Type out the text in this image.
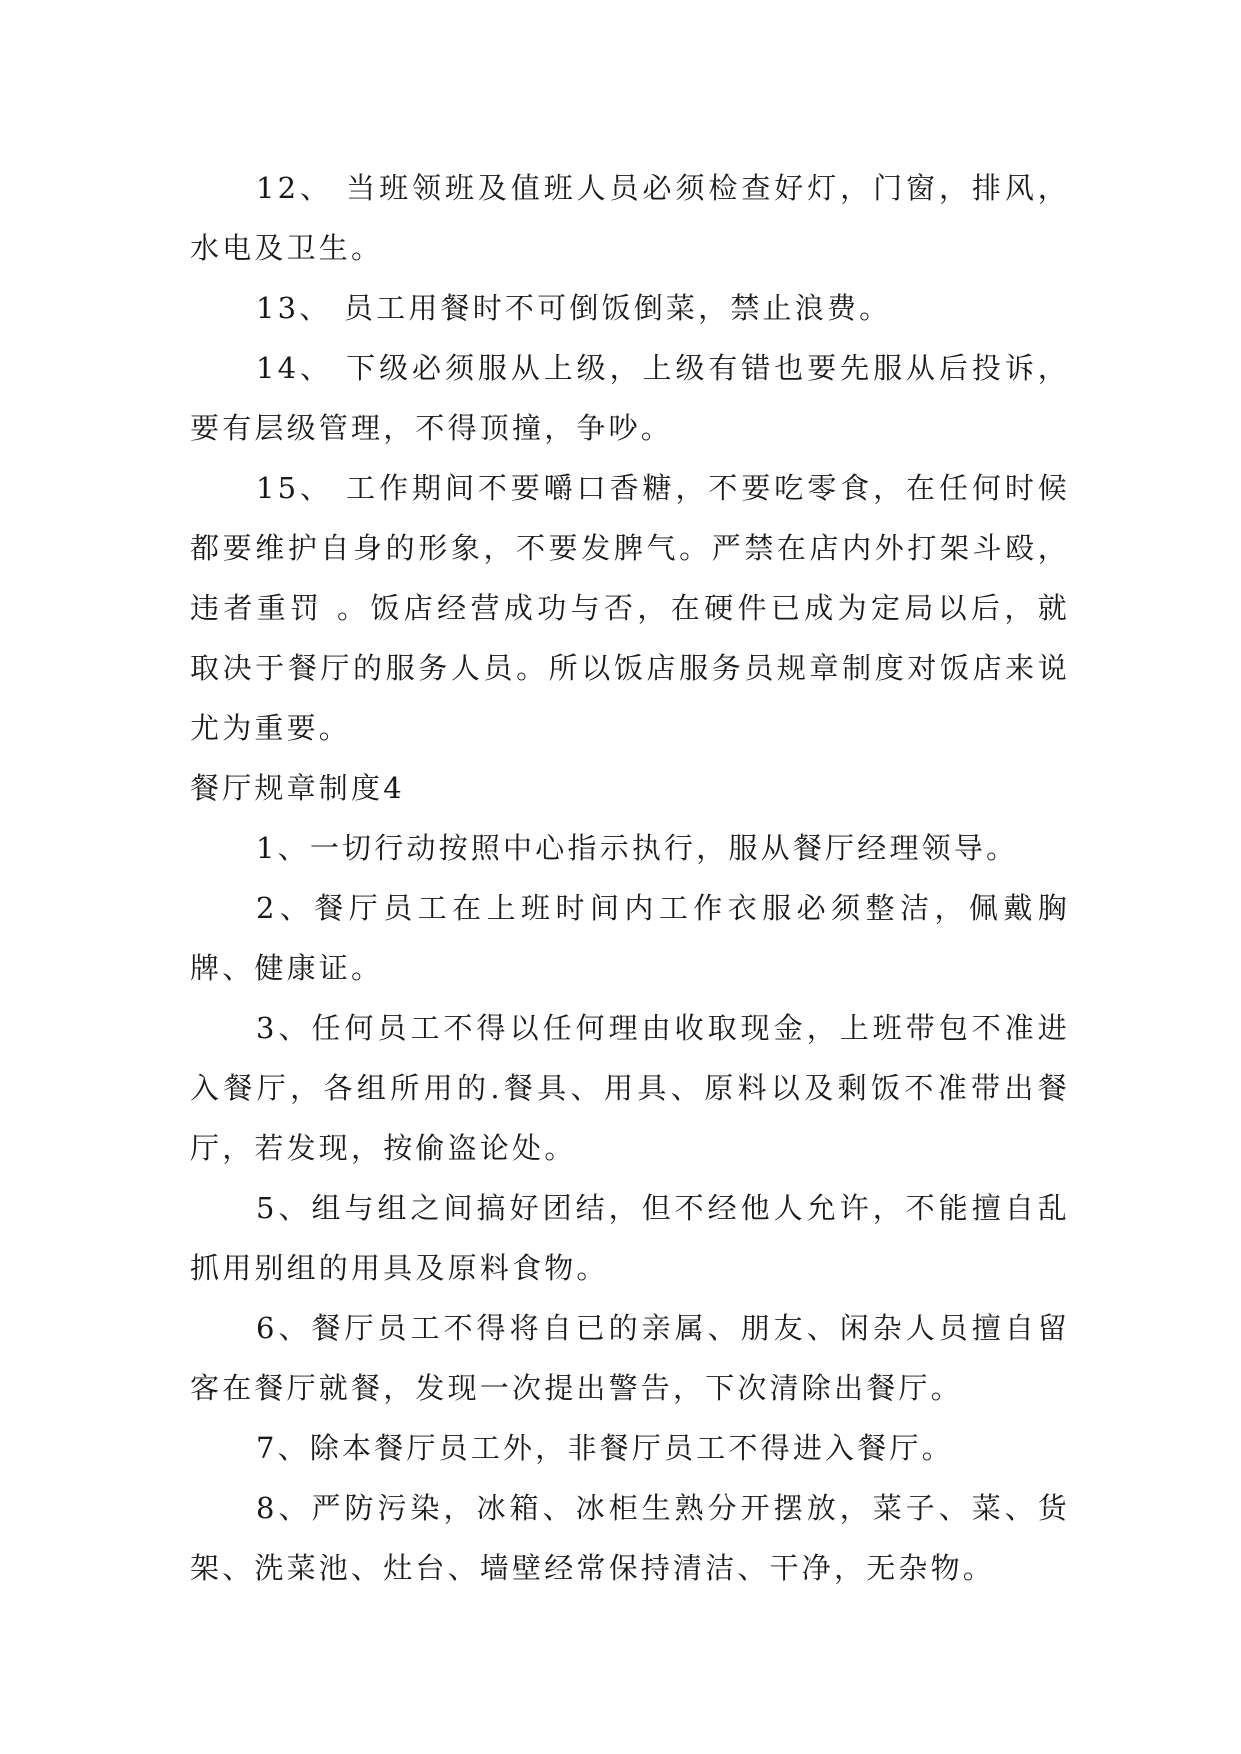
12、 当班领班及值班人员必须检查好灯，门窗，排风，水电及卫生。

13、 员工用餐时不可倒饭倒菜，禁止浪费。

14、 下级必须服从上级，上级有错也要先服从后投诉，要有层级管理，不得顶撞，争吵。

15、 工作期间不要嚼口香糖，不要吃零食，在任何时候都要维护自身的形象，不要发脾气。严禁在店内外打架斗殴，违者重罚 。饭店经营成功与否，在硬件已成为定局以后，就取决于餐厅的服务人员。所以饭店服务员规章制度对饭店来说尤为重要。

餐厅规章制度4

1、一切行动按照中心指示执行，服从餐厅经理领导。

2、餐厅员工在上班时间内工作衣服必须整洁，佩戴胸牌、健康证。

3、任何员工不得以任何理由收取现金，上班带包不准进入餐厅，各组所用的.餐具、用具、原料以及剩饭不准带出餐厅，若发现，按偷盗论处。

5、组与组之间搞好团结，但不经他人允许，不能擅自乱抓用别组的用具及原料食物。

6、餐厅员工不得将自已的亲属、朋友、闲杂人员擅自留客在餐厅就餐，发现一次提出警告，下次清除出餐厅。

7、除本餐厅员工外，非餐厅员工不得进入餐厅。

8、严防污染，冰箱、冰柜生熟分开摆放，菜子、菜、货架、洗菜池、灶台、墙壁经常保持清洁、干净，无杂物。
